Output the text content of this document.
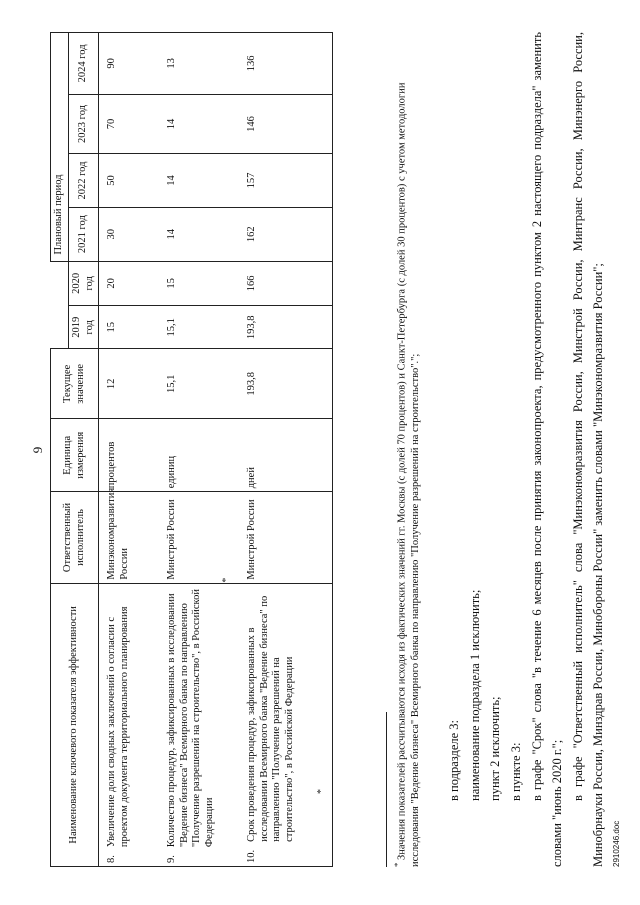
9
Наименование ключевого показателя эффективности	Ответственный исполнитель	Единица измерения	Текущее значение			Плановый период			
				2019 год	2020 год	2021 год	2022 год	2023 год	2024 год

8.
Увеличение доли сводных заключений о согласии с проектом документа территориального планирования	Минэкономразвития России	процентов	12	15	20	30	50	70	90

9.
Количество процедур, зафиксированных в исследовании "Ведение бизнеса" Всемирного банка по направлению "Получение разрешений на строительство", в Российской Федерации
*	Минстрой России	единиц	15,1	15,1	15	14	14	14	13

10.
Срок проведения процедур, зафиксированных в исследовании Всемирного банка "Ведение бизнеса" по направлению "Получение разрешений на строительство", в Российской Федерации *	Минстрой России	дней	193,8	193,8	166	162	157	146	136
* Значения показателей рассчитываются исходя из фактических значений гг. Москвы (с долей 70 процентов) и Санкт-Петербурга (с долей 30 процентов) с учетом методологии исследования "Ведение бизнеса" Всемирного банка по направлению "Получение разрешений на строительство"."; в подразделе 3: наименование подраздела 1 исключить; пункт 2 исключить; в пункте 3: в графе "Срок" слова "в течение 6 месяцев после принятия законопроекта, предусмотренного пунктом 2 настоящего подраздела" заменить словами "июнь 2020 г.";

в графе "Ответственный исполнитель" слова "Минэкономразвития России, Минстрой России, Минтранс России, Минэнерго России, Минобрнауки России, Минздрав России, Минобороны России" заменить словами "Минэкономразвития России"; 2910246.doc
